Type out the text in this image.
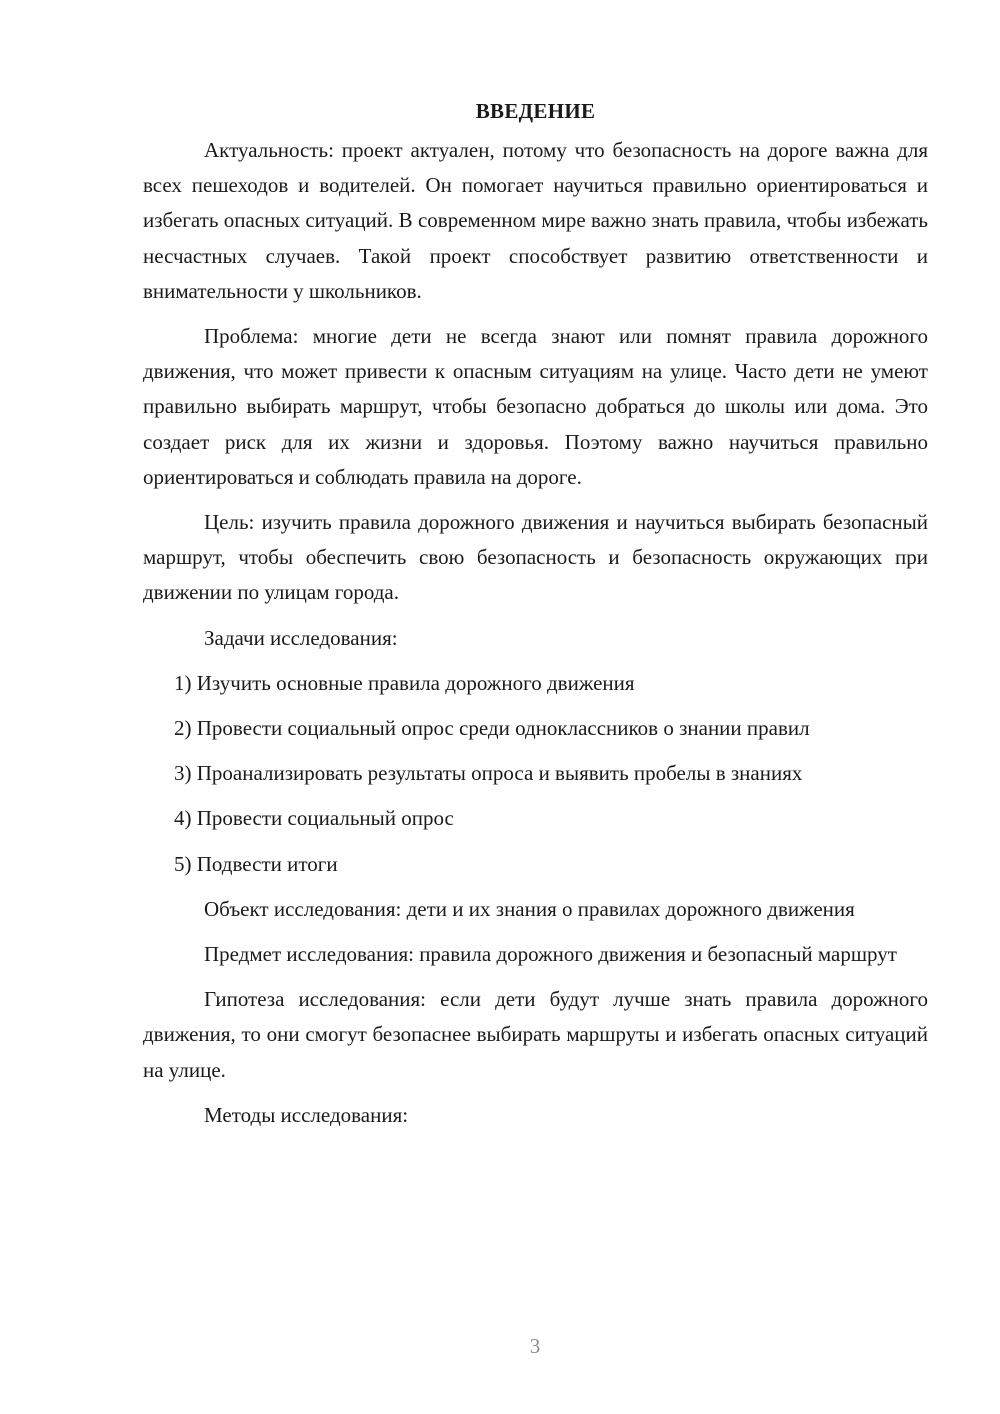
ВВЕДЕНИЕ

Актуальность: проект актуален, потому что безопасность на дороге важна для всех пешеходов и водителей. Он помогает научиться правильно ориентироваться и избегать опасных ситуаций. В современном мире важно знать правила, чтобы избежать несчастных случаев. Такой проект способствует развитию ответственности и внимательности у школьников.

Проблема: многие дети не всегда знают или помнят правила дорожного движения, что может привести к опасным ситуациям на улице. Часто дети не умеют правильно выбирать маршрут, чтобы безопасно добраться до школы или дома. Это создает риск для их жизни и здоровья. Поэтому важно научиться правильно ориентироваться и соблюдать правила на дороге.

Цель: изучить правила дорожного движения и научиться выбирать безопасный маршрут, чтобы обеспечить свою безопасность и безопасность окружающих при движении по улицам города.

Задачи исследования:

1) Изучить основные правила дорожного движения
2) Провести социальный опрос среди одноклассников о знании правил
3) Проанализировать результаты опроса и выявить пробелы в знаниях
4) Провести социальный опрос
5) Подвести итоги

Объект исследования: дети и их знания о правилах дорожного движения

Предмет исследования: правила дорожного движения и безопасный маршрут

Гипотеза исследования: если дети будут лучше знать правила дорожного движения, то они смогут безопаснее выбирать маршруты и избегать опасных ситуаций на улице.

Методы исследования:

3
